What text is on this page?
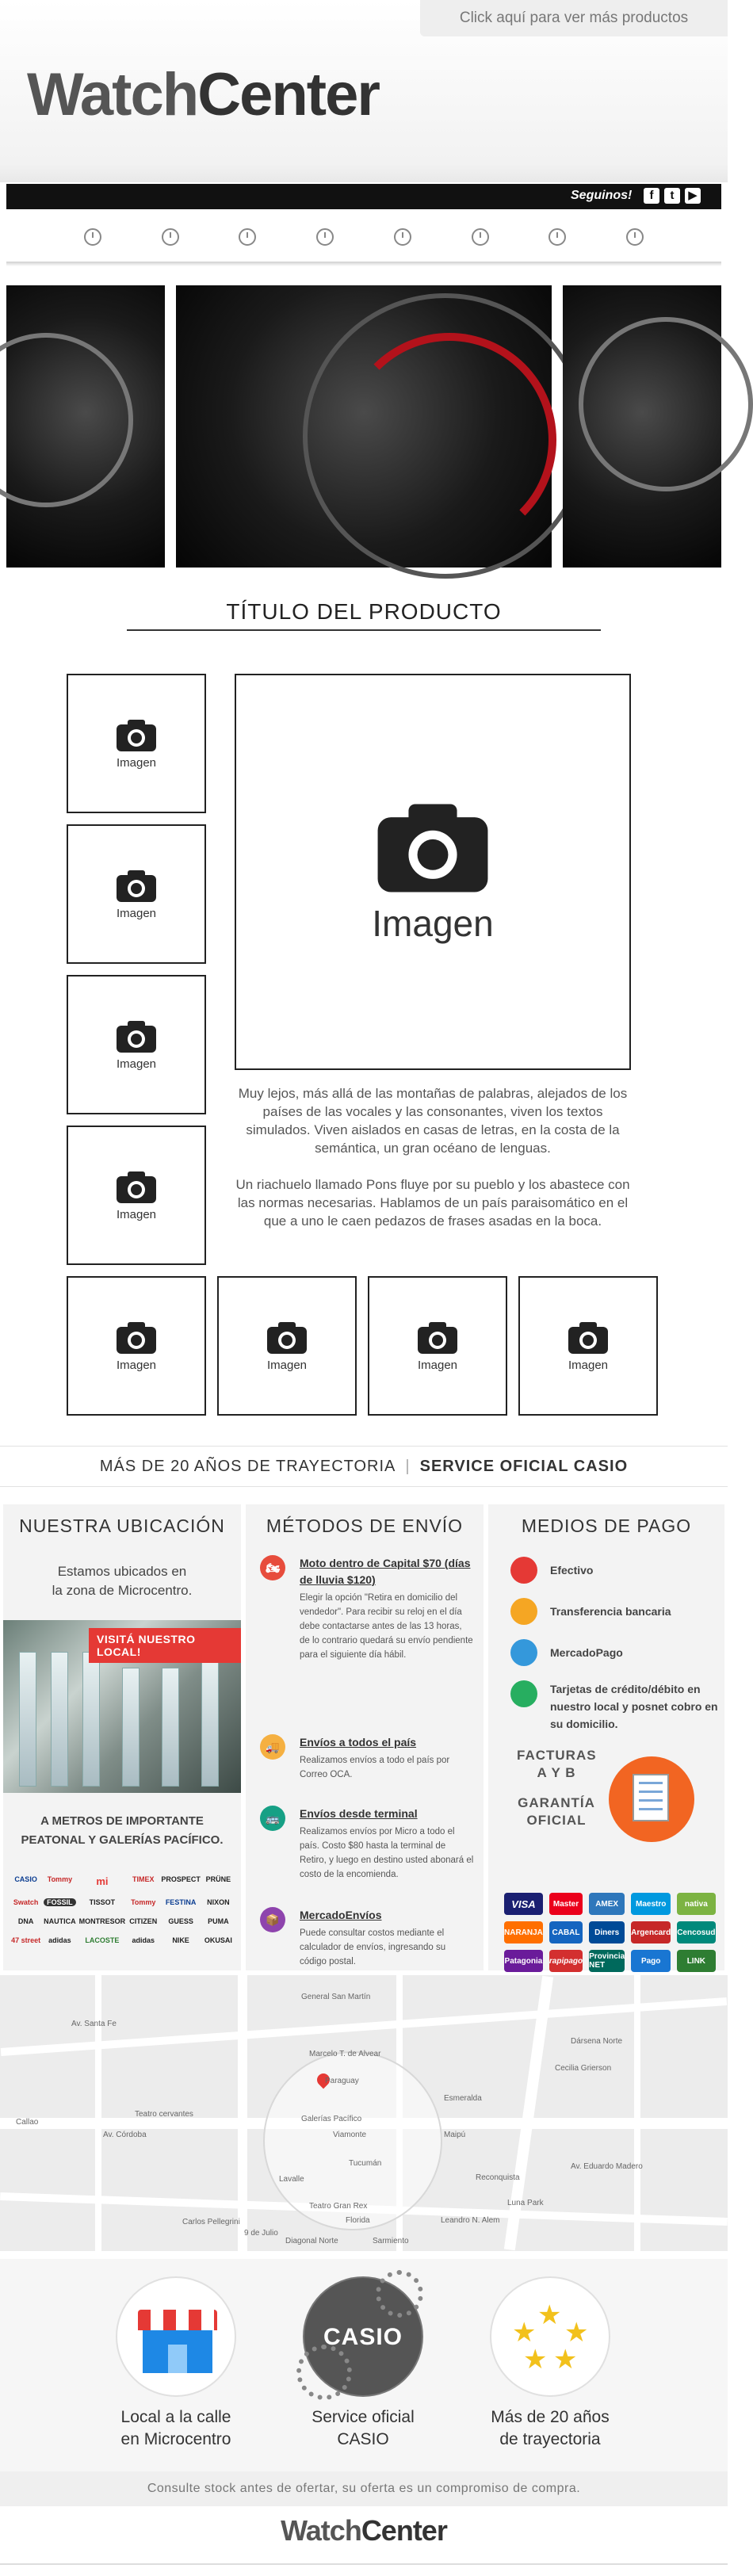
Click aquí para ver más productos
WatchCenter
Seguinos!	f	t	▶
TÍTULO DEL PRODUCTO
Imagen
Imagen
Imagen
Imagen
Imagen

Muy lejos, más allá de las montañas de palabras, alejados de los países de las vocales y las consonantes, viven los textos simulados. Viven aislados en casas de letras, en la costa de la semántica, un gran océano de lenguas.

Un riachuelo llamado Pons fluye por su pueblo y los abastece con las normas necesarias. Hablamos de un país paraisomático en el que a uno le caen pedazos de frases asadas en la boca.

Imagen	Imagen	Imagen	Imagen
MÁS DE 20 AÑOS DE TRAYECTORIA | SERVICE OFICIAL CASIO
NUESTRA UBICACIÓN
Estamos ubicados en
la zona de Microcentro.
VISITÁ NUESTRO LOCAL!
A METROS DE IMPORTANTE
PEATONAL Y GALERÍAS PACÍFICO.
CASIO	Tommy	mi	TIMEX PROSPECT PRÜNE
Swatch	FOSSIL	TISSOT	Tommy	FESTINA	NIXON
DNA	NAUTICA MONTRESOR CITIZEN	GUESS	PUMA
47 street	adidas	LACOSTE	adidas	NIKE	OKUSAI
MÉTODOS DE ENVÍO
🏍	Moto dentro de Capital $70 (días de lluvia $120)
Elegir la opción "Retira en domicilio del vendedor". Para recibir su reloj en el día debe contactarse antes de las 13 horas, de lo contrario quedará su envío pendiente para el siguiente día hábil.
🚚	Envíos a todos el país
Realizamos envíos a todo el país por Correo OCA.
🚌	Envíos desde terminal
Realizamos envíos por Micro a todo el país. Costo $80 hasta la terminal de Retiro, y luego en destino usted abonará el costo de la encomienda.
📦	MercadoEnvíos
Puede consultar costos mediante el calculador de envíos, ingresando su código postal.
MEDIOS DE PAGO
Efectivo
Transferencia bancaria
MercadoPago
Tarjetas de crédito/débito en nuestro local y posnet cobro en su domicilio.
FACTURAS
A Y B
GARANTÍA
OFICIAL
VISA	Master	AMEX	Maestro	nativa
NARANJA	CABAL	Diners	Argencard Cencosud
Patagonia rapipago Provincia NET	Pago	LINK
General San Martín
Marcelo T. de Alvear
Paraguay
Viamonte
Tucumán
Lavalle
Teatro Gran Rex
Florida
Diagonal Norte
Galerías Pacífico
Av. Córdoba
Esmeralda
Maipú
Sarmiento
Carlos Pellegrini
9 de Julio
Reconquista
Leandro N. Alem
Av. Eduardo Madero
Luna Park
Cecilia Grierson
Dársena Norte
Teatro cervantes
Callao
Av. Santa Fe
Local a la calle
en Microcentro
CASIO
Service oficial
CASIO
★
★ ★
★ ★
Más de 20 años
de trayectoria
Consulte stock antes de ofertar, su oferta es un compromiso de compra.
WatchCenter
